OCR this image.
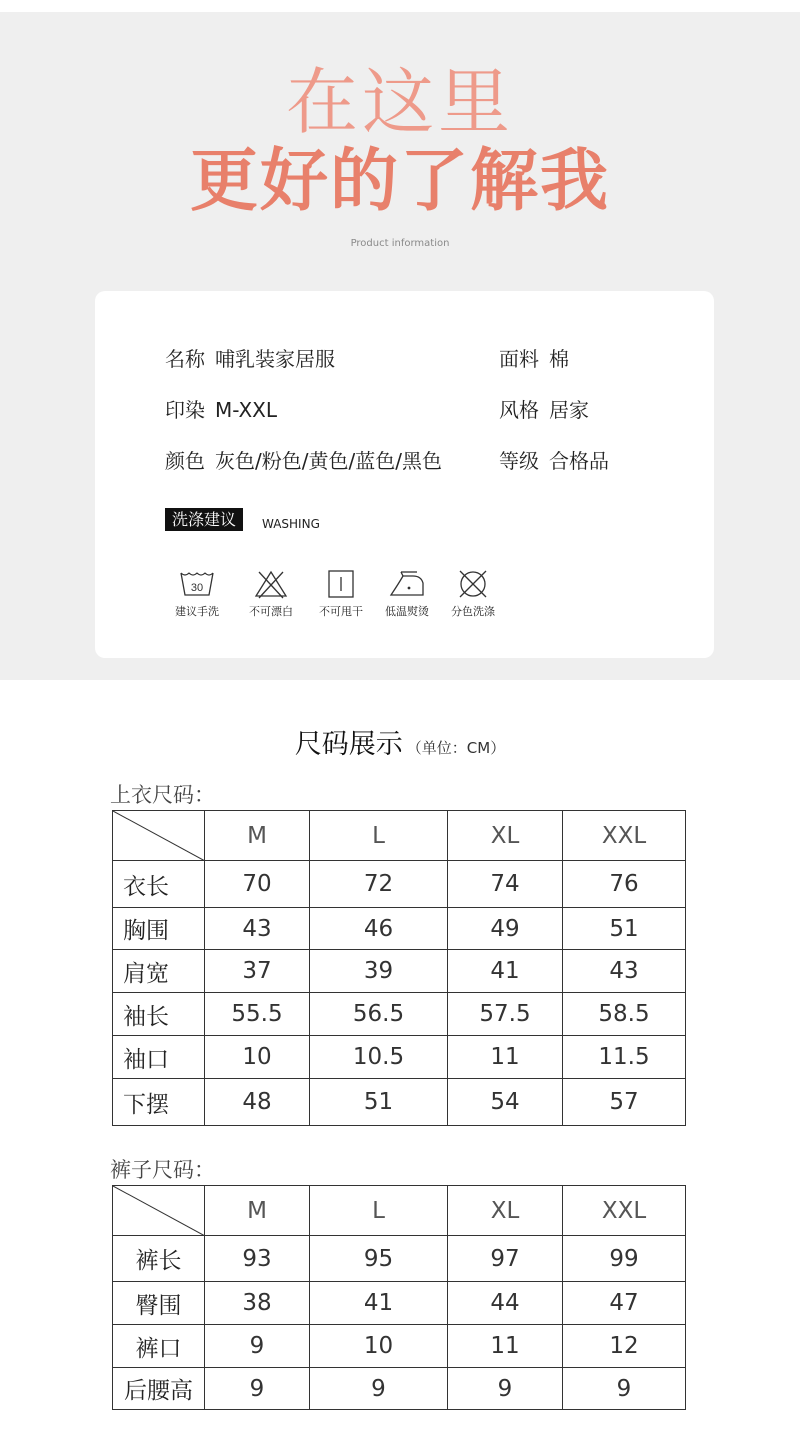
在这里
更好的了解我
Product information
名称 哺乳装家居服	面料 棉
印染 M-XXL	风格 居家
颜色 灰色/粉色/黄色/蓝色/黑色	等级 合格品
洗涤建议	WASHING
30
建议手洗	不可漂白	不可甩干	低温熨烫	分色洗涤
尺码展示 （单位：CM）
上衣尺码：
	M	L	XL	XXL
衣长	70	72	74	76
胸围	43	46	49	51
肩宽	37	39	41	43
袖长	55.5	56.5	57.5	58.5
袖口	10	10.5	11	11.5
下摆	48	51	54	57
裤子尺码：
	M	L	XL	XXL
裤长	93	95	97	99
臀围	38	41	44	47
裤口	9	10	11	12
后腰高	9	9	9	9
